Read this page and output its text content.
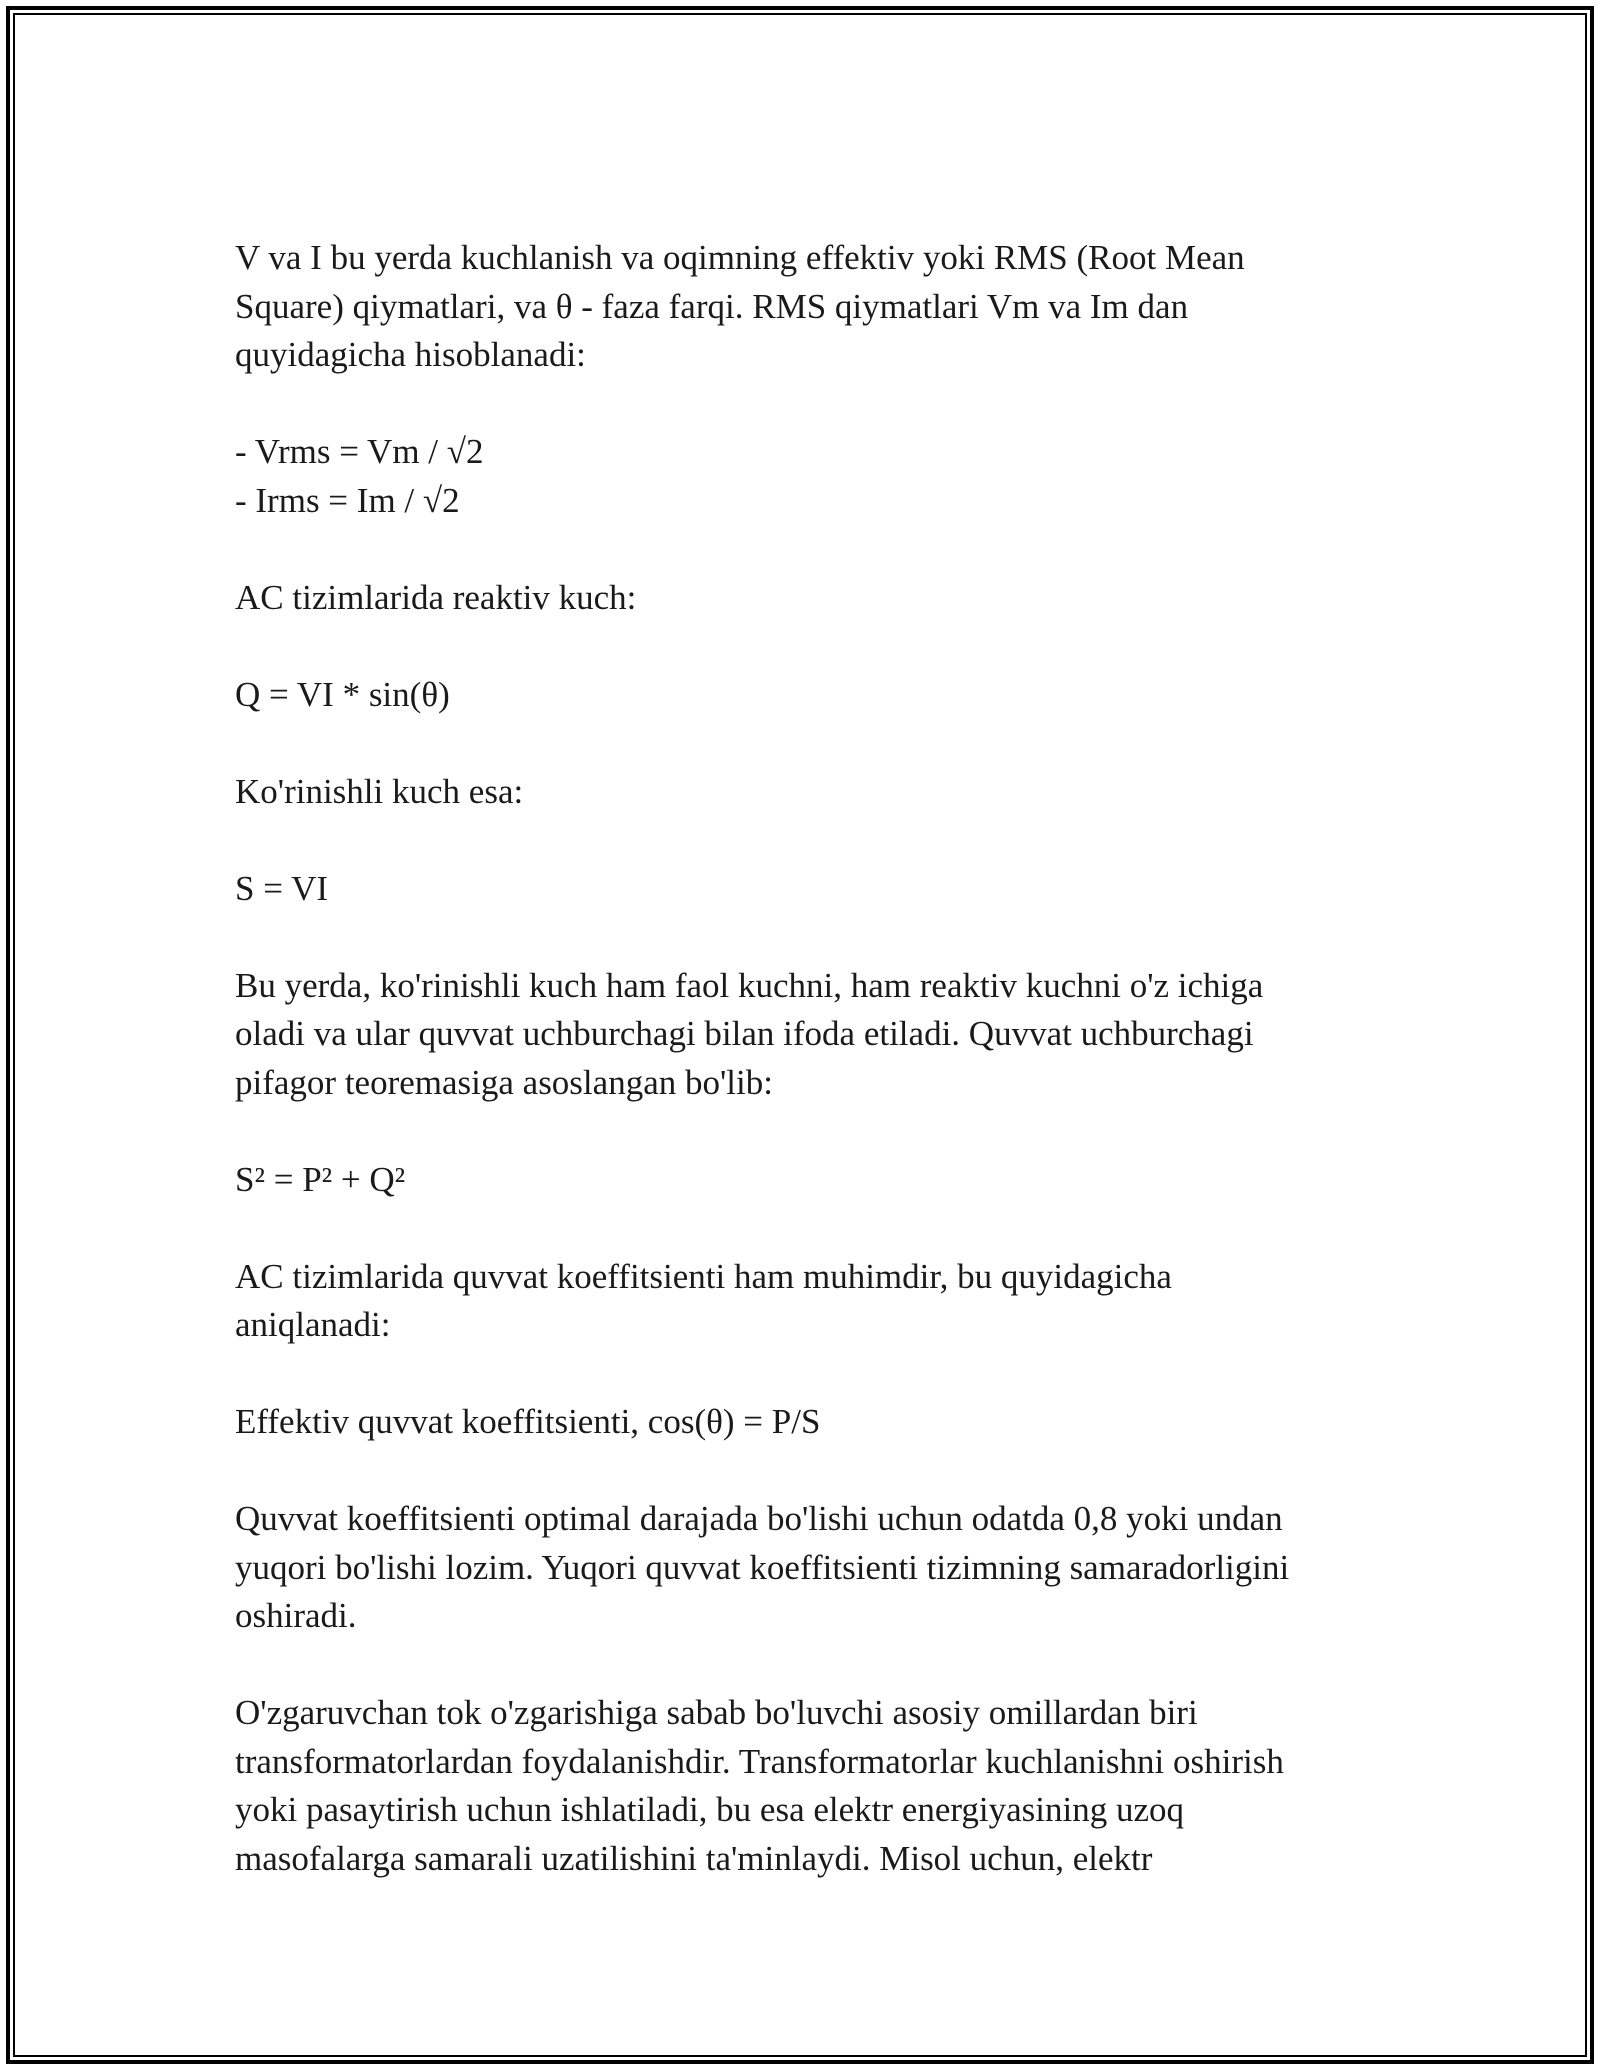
V va I bu yerda kuchlanish va oqimning effektiv yoki RMS (Root Mean

Square) qiymatlari, va θ - faza farqi. RMS qiymatlari Vm va Im dan

quyidagicha hisoblanadi:

- Vrms = Vm / √2

- Irms = Im / √2

AC tizimlarida reaktiv kuch:

Q = VI * sin(θ)

Ko'rinishli kuch esa:

S = VI

Bu yerda, ko'rinishli kuch ham faol kuchni, ham reaktiv kuchni o'z ichiga

oladi va ular quvvat uchburchagi bilan ifoda etiladi. Quvvat uchburchagi

pifagor teoremasiga asoslangan bo'lib:

S² = P² + Q²

AC tizimlarida quvvat koeffitsienti ham muhimdir, bu quyidagicha

aniqlanadi:

Effektiv quvvat koeffitsienti, cos(θ) = P/S

Quvvat koeffitsienti optimal darajada bo'lishi uchun odatda 0,8 yoki undan

yuqori bo'lishi lozim. Yuqori quvvat koeffitsienti tizimning samaradorligini

oshiradi.

O'zgaruvchan tok o'zgarishiga sabab bo'luvchi asosiy omillardan biri

transformatorlardan foydalanishdir. Transformatorlar kuchlanishni oshirish

yoki pasaytirish uchun ishlatiladi, bu esa elektr energiyasining uzoq

masofalarga samarali uzatilishini ta'minlaydi. Misol uchun, elektr
